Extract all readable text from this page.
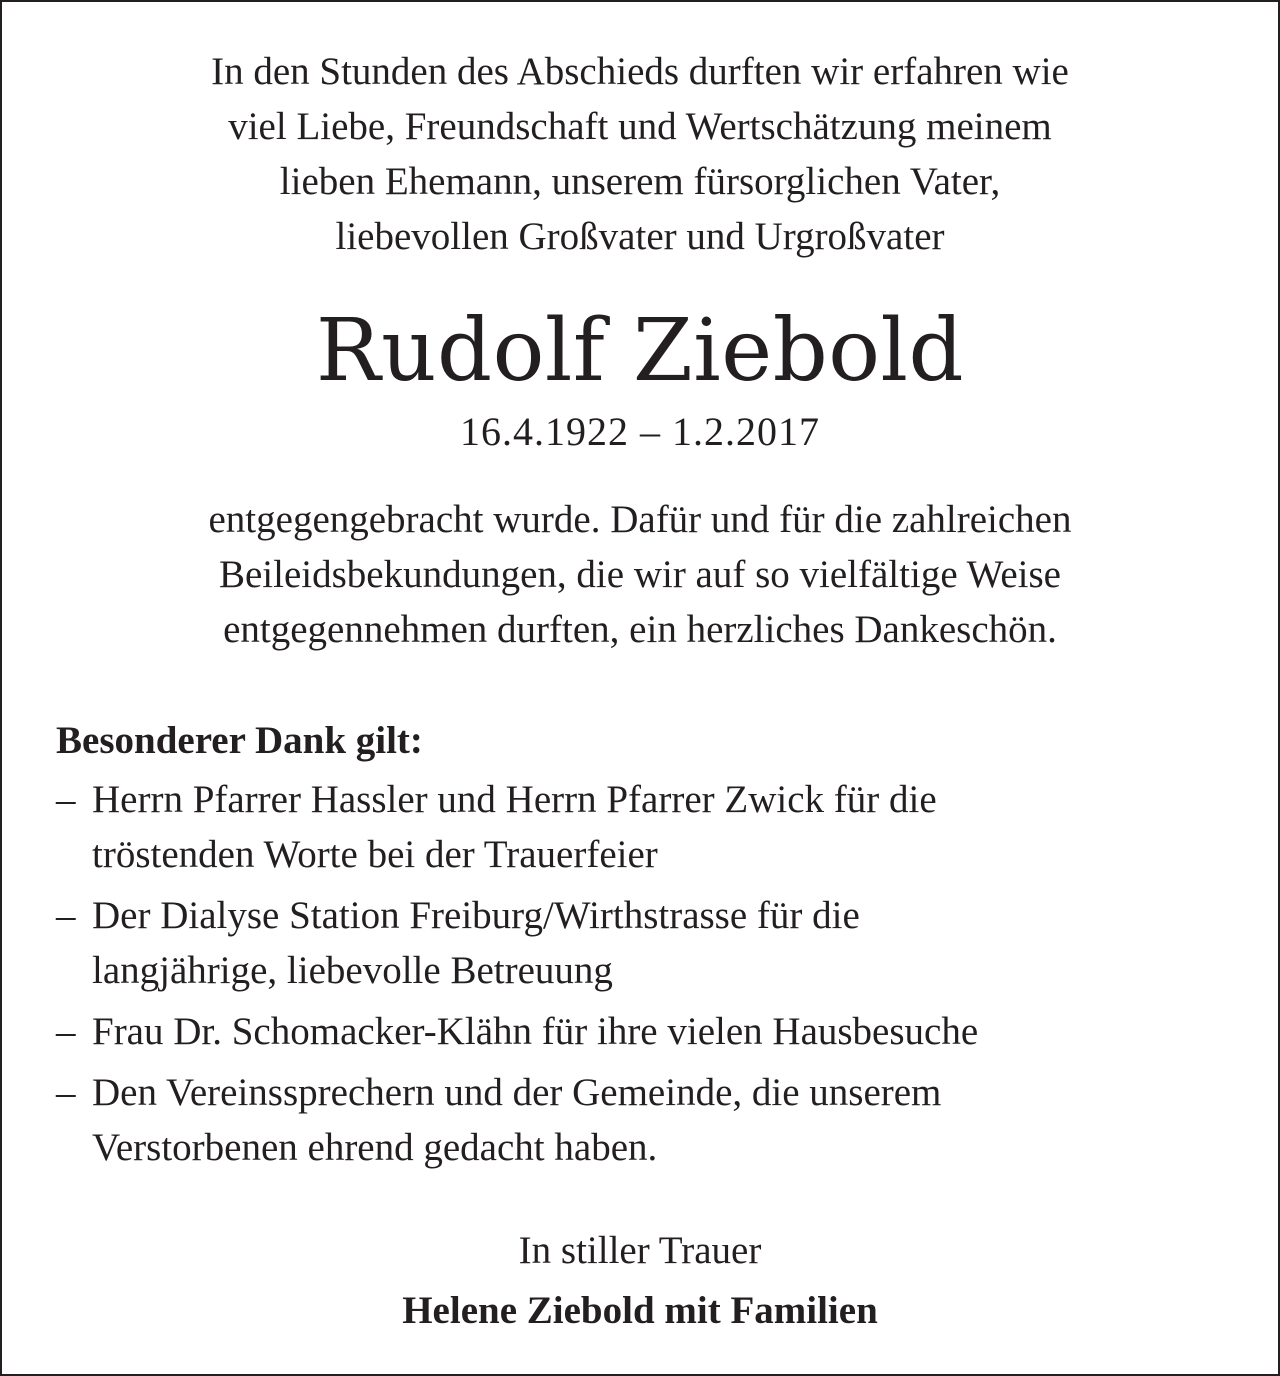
In den Stunden des Abschieds durften wir erfahren wie
viel Liebe, Freundschaft und Wertschätzung meinem
lieben Ehemann, unserem fürsorglichen Vater,
liebevollen Großvater und Urgroßvater
Rudolf Ziebold
16.4.1922 – 1.2.2017
entgegengebracht wurde. Dafür und für die zahlreichen
Beileidsbekundungen, die wir auf so vielfältige Weise
entgegennehmen durften, ein herzliches Dankeschön.
Besonderer Dank gilt:
– Herrn Pfarrer Hassler und Herrn Pfarrer Zwick für die
tröstenden Worte bei der Trauerfeier
– Der Dialyse Station Freiburg/Wirthstrasse für die
langjährige, liebevolle Betreuung
– Frau Dr. Schomacker-Klähn für ihre vielen Hausbesuche
– Den Vereinssprechern und der Gemeinde, die unserem
Verstorbenen ehrend gedacht haben.
In stiller Trauer
Helene Ziebold mit Familien
